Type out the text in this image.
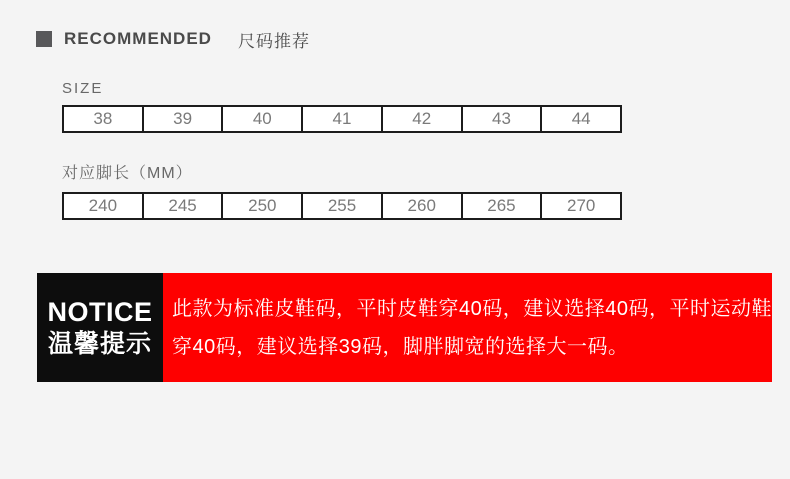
RECOMMENDED 尺码推荐
SIZE
38	39	40	41	42	43	44
对应脚长（MM）
240	245	250	255	260	265	270
NOTICE
温馨提示
此款为标准皮鞋码，平时皮鞋穿40码，建议选择40码，平时运动鞋
穿40码，建议选择39码，脚胖脚宽的选择大一码。
